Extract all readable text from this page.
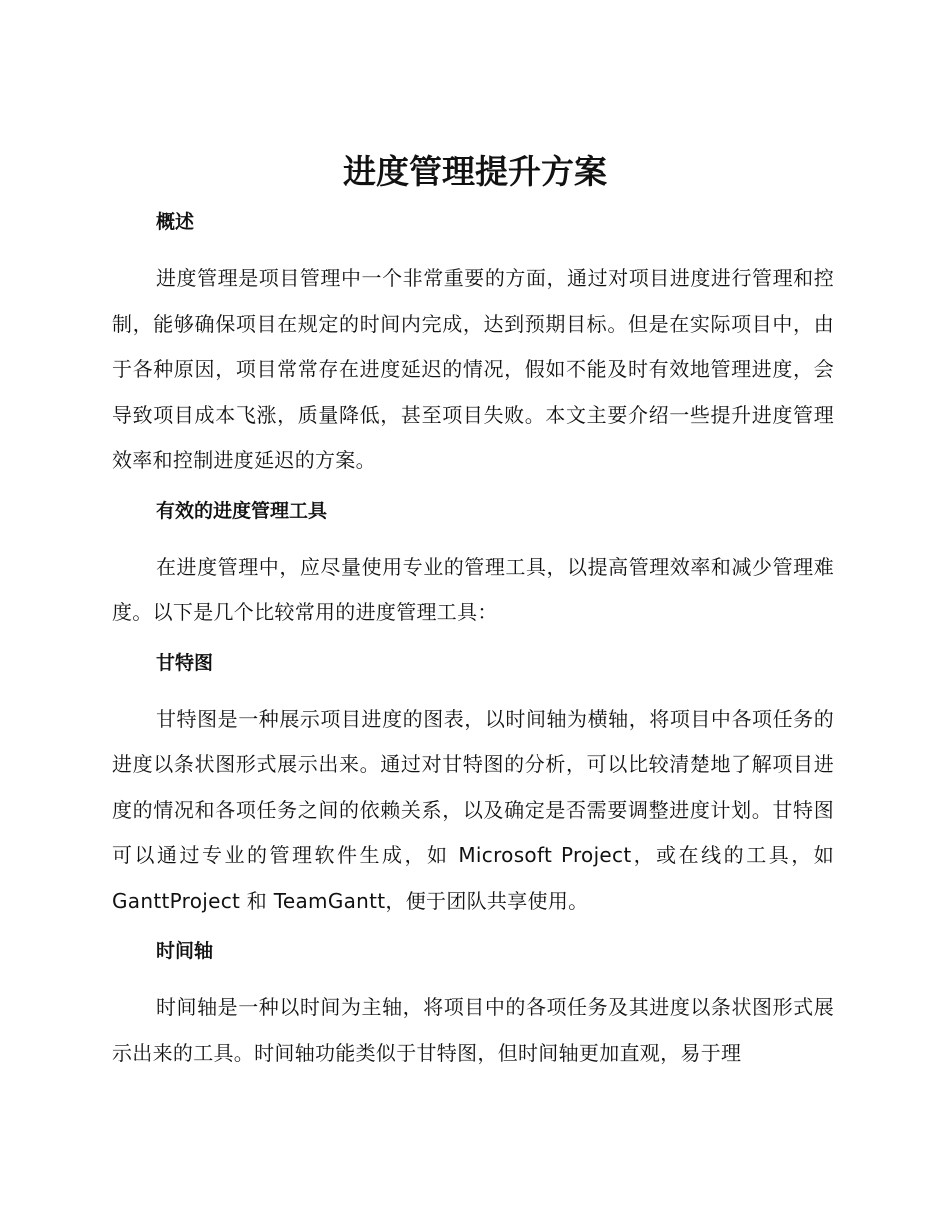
进度管理提升方案
概述

进度管理是项目管理中一个非常重要的方面，通过对项目进度进行管理和控制，能够确保项目在规定的时间内完成，达到预期目标。但是在实际项目中，由于各种原因，项目常常存在进度延迟的情况，假如不能及时有效地管理进度，会导致项目成本飞涨，质量降低，甚至项目失败。本文主要介绍一些提升进度管理效率和控制进度延迟的方案。

有效的进度管理工具

在进度管理中，应尽量使用专业的管理工具，以提高管理效率和减少管理难度。以下是几个比较常用的进度管理工具：

甘特图

甘特图是一种展示项目进度的图表，以时间轴为横轴，将项目中各项任务的进度以条状图形式展示出来。通过对甘特图的分析，可以比较清楚地了解项目进度的情况和各项任务之间的依赖关系，以及确定是否需要调整进度计划。甘特图可以通过专业的管理软件生成，如 Microsoft Project，或在线的工具，如 GanttProject 和 TeamGantt，便于团队共享使用。

时间轴

时间轴是一种以时间为主轴，将项目中的各项任务及其进度以条状图形式展示出来的工具。时间轴功能类似于甘特图，但时间轴更加直观，易于理
